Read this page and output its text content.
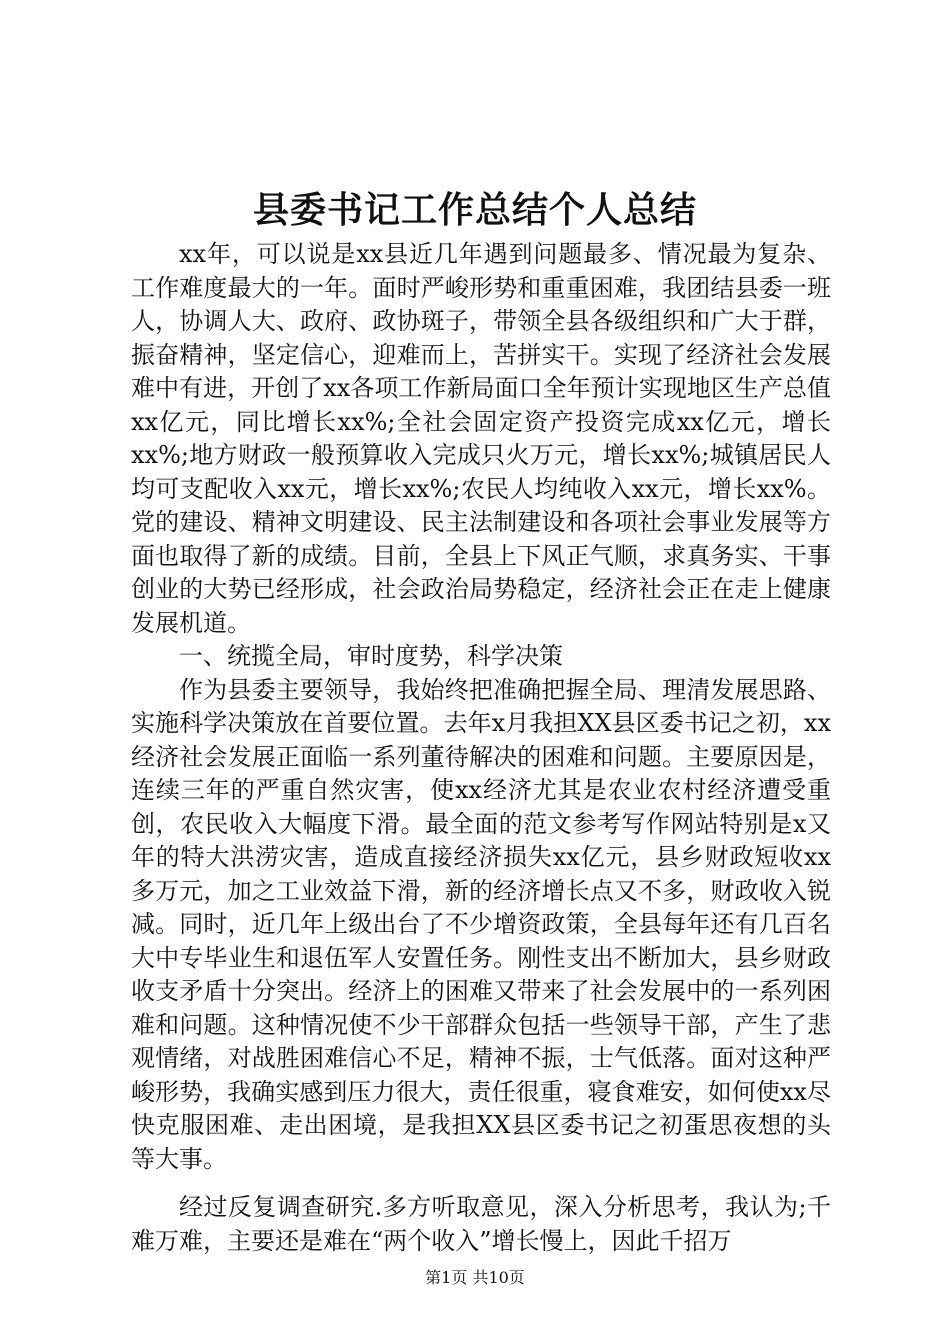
县委书记工作总结个人总结

xx年，可以说是xx县近几年遇到问题最多、情况最为复杂、工作难度最大的一年。面时严峻形势和重重困难，我团结县委一班人，协调人大、政府、政协斑子，带领全县各级组织和广大于群，振奋精神，坚定信心，迎难而上，苦拼实干。实现了经济社会发展难中有进，开创了xx各项工作新局面口全年预计实现地区生产总值xx亿元，同比增长xx%;全社会固定资产投资完成xx亿元，增长xx%;地方财政一般预算收入完成只火万元，增长xx%;城镇居民人均可支配收入xx元，增长xx%;农民人均纯收入xx元，增长xx%。党的建设、精神文明建设、民主法制建设和各项社会事业发展等方面也取得了新的成绩。目前，全县上下风正气顺，求真务实、干事创业的大势已经形成，社会政治局势稳定，经济社会正在走上健康发展机道。

一、统揽全局，审时度势，科学决策

作为县委主要领导，我始终把准确把握全局、理清发展思路、实施科学决策放在首要位置。去年x月我担XX县区委书记之初，xx经济社会发展正面临一系列董待解决的困难和问题。主要原因是，连续三年的严重自然灾害，使xx经济尤其是农业农村经济遭受重创，农民收入大幅度下滑。最全面的范文参考写作网站特别是x又年的特大洪涝灾害，造成直接经济损失xx亿元，县乡财政短收xx多万元，加之工业效益下滑，新的经济增长点又不多，财政收入锐减。同时，近几年上级出台了不少增资政策，全县每年还有几百名大中专毕业生和退伍军人安置任务。刚性支出不断加大，县乡财政收支矛盾十分突出。经济上的困难又带来了社会发展中的一系列困难和问题。这种情况使不少干部群众包括一些领导干部，产生了悲观情绪，对战胜困难信心不足，精神不振，士气低落。面对这种严峻形势，我确实感到压力很大，责任很重，寝食难安，如何使xx尽快克服困难、走出困境，是我担XX县区委书记之初蛋思夜想的头等大事。

经过反复调查研究.多方听取意见，深入分析思考，我认为;千难万难，主要还是难在“两个收入”增长慢上，因此千招万

第1页 共10页
